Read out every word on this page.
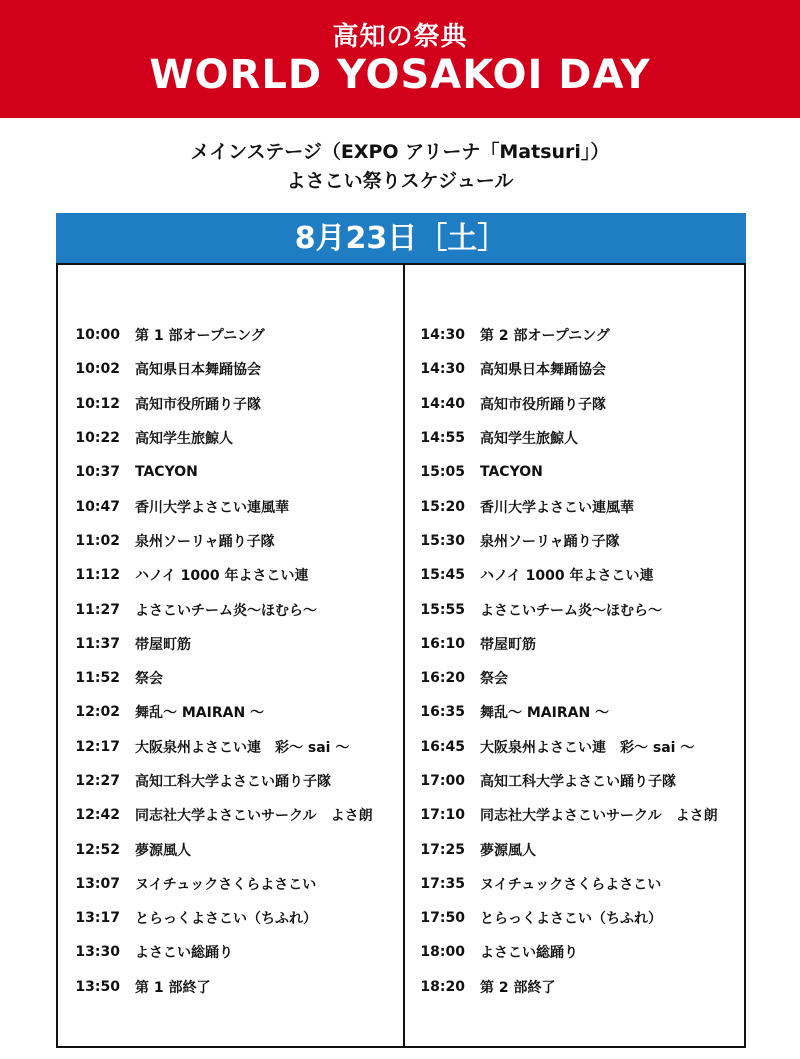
高知の祭典
WORLD YOSAKOI DAY
メインステージ（EXPO アリーナ「Matsuri」）
よさこい祭りスケジュール
8月23日［土］
10:00 第 1 部オープニング
10:02 高知県日本舞踊協会
10:12 高知市役所踊り子隊
10:22 高知学生旅鯨人
10:37 TACYON
10:47 香川大学よさこい連風華
11:02 泉州ソーリャ踊り子隊
11:12 ハノイ 1000 年よさこい連
11:27 よさこいチーム炎〜ほむら〜
11:37 帯屋町筋
11:52 祭会
12:02 舞乱〜 MAIRAN 〜
12:17 大阪泉州よさこい連　彩〜 sai 〜
12:27 高知工科大学よさこい踊り子隊
12:42 同志社大学よさこいサークル　よさ朗
12:52 夢源風人
13:07 ヌイチュックさくらよさこい
13:17 とらっくよさこい（ちふれ）
13:30 よさこい総踊り
13:50 第 1 部終了
14:30 第 2 部オープニング
14:30 高知県日本舞踊協会
14:40 高知市役所踊り子隊
14:55 高知学生旅鯨人
15:05 TACYON
15:20 香川大学よさこい連風華
15:30 泉州ソーリャ踊り子隊
15:45 ハノイ 1000 年よさこい連
15:55 よさこいチーム炎〜ほむら〜
16:10 帯屋町筋
16:20 祭会
16:35 舞乱〜 MAIRAN 〜
16:45 大阪泉州よさこい連　彩〜 sai 〜
17:00 高知工科大学よさこい踊り子隊
17:10 同志社大学よさこいサークル　よさ朗
17:25 夢源風人
17:35 ヌイチュックさくらよさこい
17:50 とらっくよさこい（ちふれ）
18:00 よさこい総踊り
18:20 第 2 部終了
